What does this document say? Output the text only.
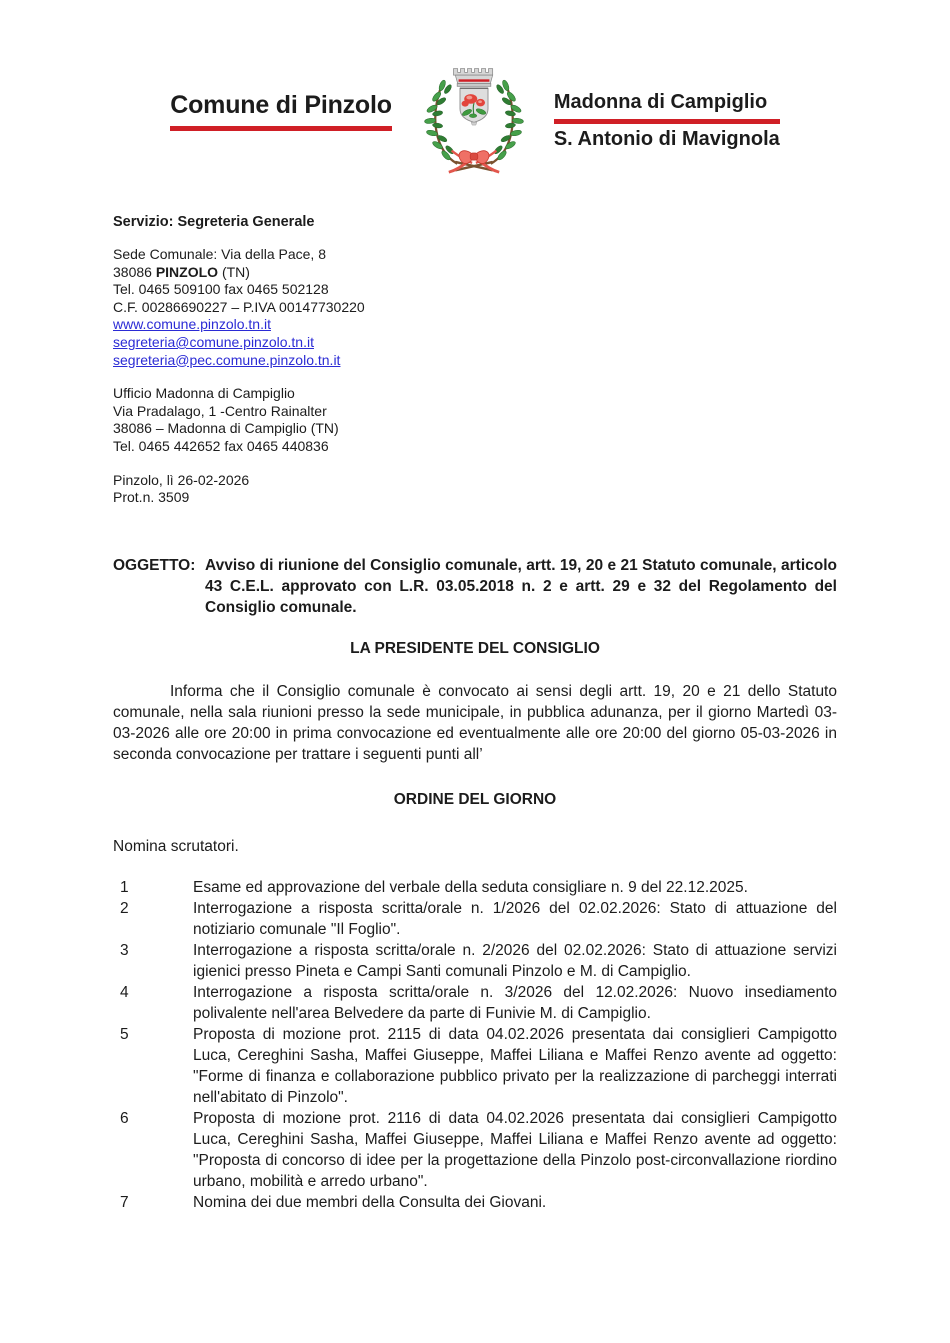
Comune di Pinzolo	Madonna di Campiglio
S. Antonio di Mavignola
Servizio: Segreteria Generale
Sede Comunale: Via della Pace, 8
38086 PINZOLO (TN)
Tel. 0465 509100 fax 0465 502128
C.F. 00286690227 – P.IVA 00147730220
www.comune.pinzolo.tn.it
segreteria@comune.pinzolo.tn.it
segreteria@pec.comune.pinzolo.tn.it
Ufficio Madonna di Campiglio
Via Pradalago, 1 -Centro Rainalter
38086 – Madonna di Campiglio (TN)
Tel. 0465 442652 fax 0465 440836
Pinzolo, lì 26-02-2026
Prot.n. 3509
OGGETTO: Avviso di riunione del Consiglio comunale, artt. 19, 20 e 21 Statuto comunale, articolo 43 C.E.L. approvato con L.R. 03.05.2018 n. 2 e artt. 29 e 32 del Regolamento del Consiglio comunale.
LA PRESIDENTE DEL CONSIGLIO
Informa che il Consiglio comunale è convocato ai sensi degli artt. 19, 20 e 21 dello Statuto comunale, nella sala riunioni presso la sede municipale, in pubblica adunanza, per il giorno Martedì 03-03-2026 alle ore 20:00 in prima convocazione ed eventualmente alle ore 20:00 del giorno 05-03-2026 in seconda convocazione per trattare i seguenti punti all’
ORDINE DEL GIORNO
Nomina scrutatori.
1	Esame ed approvazione del verbale della seduta consigliare n. 9 del 22.12.2025.
2	Interrogazione a risposta scritta/orale n. 1/2026 del 02.02.2026: Stato di attuazione del notiziario comunale "Il Foglio".
3	Interrogazione a risposta scritta/orale n. 2/2026 del 02.02.2026: Stato di attuazione servizi igienici presso Pineta e Campi Santi comunali Pinzolo e M. di Campiglio.
4	Interrogazione a risposta scritta/orale n. 3/2026 del 12.02.2026: Nuovo insediamento polivalente nell'area Belvedere da parte di Funivie M. di Campiglio.
5	Proposta di mozione prot. 2115 di data 04.02.2026 presentata dai consiglieri Campigotto Luca, Cereghini Sasha, Maffei Giuseppe, Maffei Liliana e Maffei Renzo avente ad oggetto: "Forme di finanza e collaborazione pubblico privato per la realizzazione di parcheggi interrati nell'abitato di Pinzolo".
6	Proposta di mozione prot. 2116 di data 04.02.2026 presentata dai consiglieri Campigotto Luca, Cereghini Sasha, Maffei Giuseppe, Maffei Liliana e Maffei Renzo avente ad oggetto: "Proposta di concorso di idee per la progettazione della Pinzolo post-circonvallazione riordino urbano, mobilità e arredo urbano".
7	Nomina dei due membri della Consulta dei Giovani.
